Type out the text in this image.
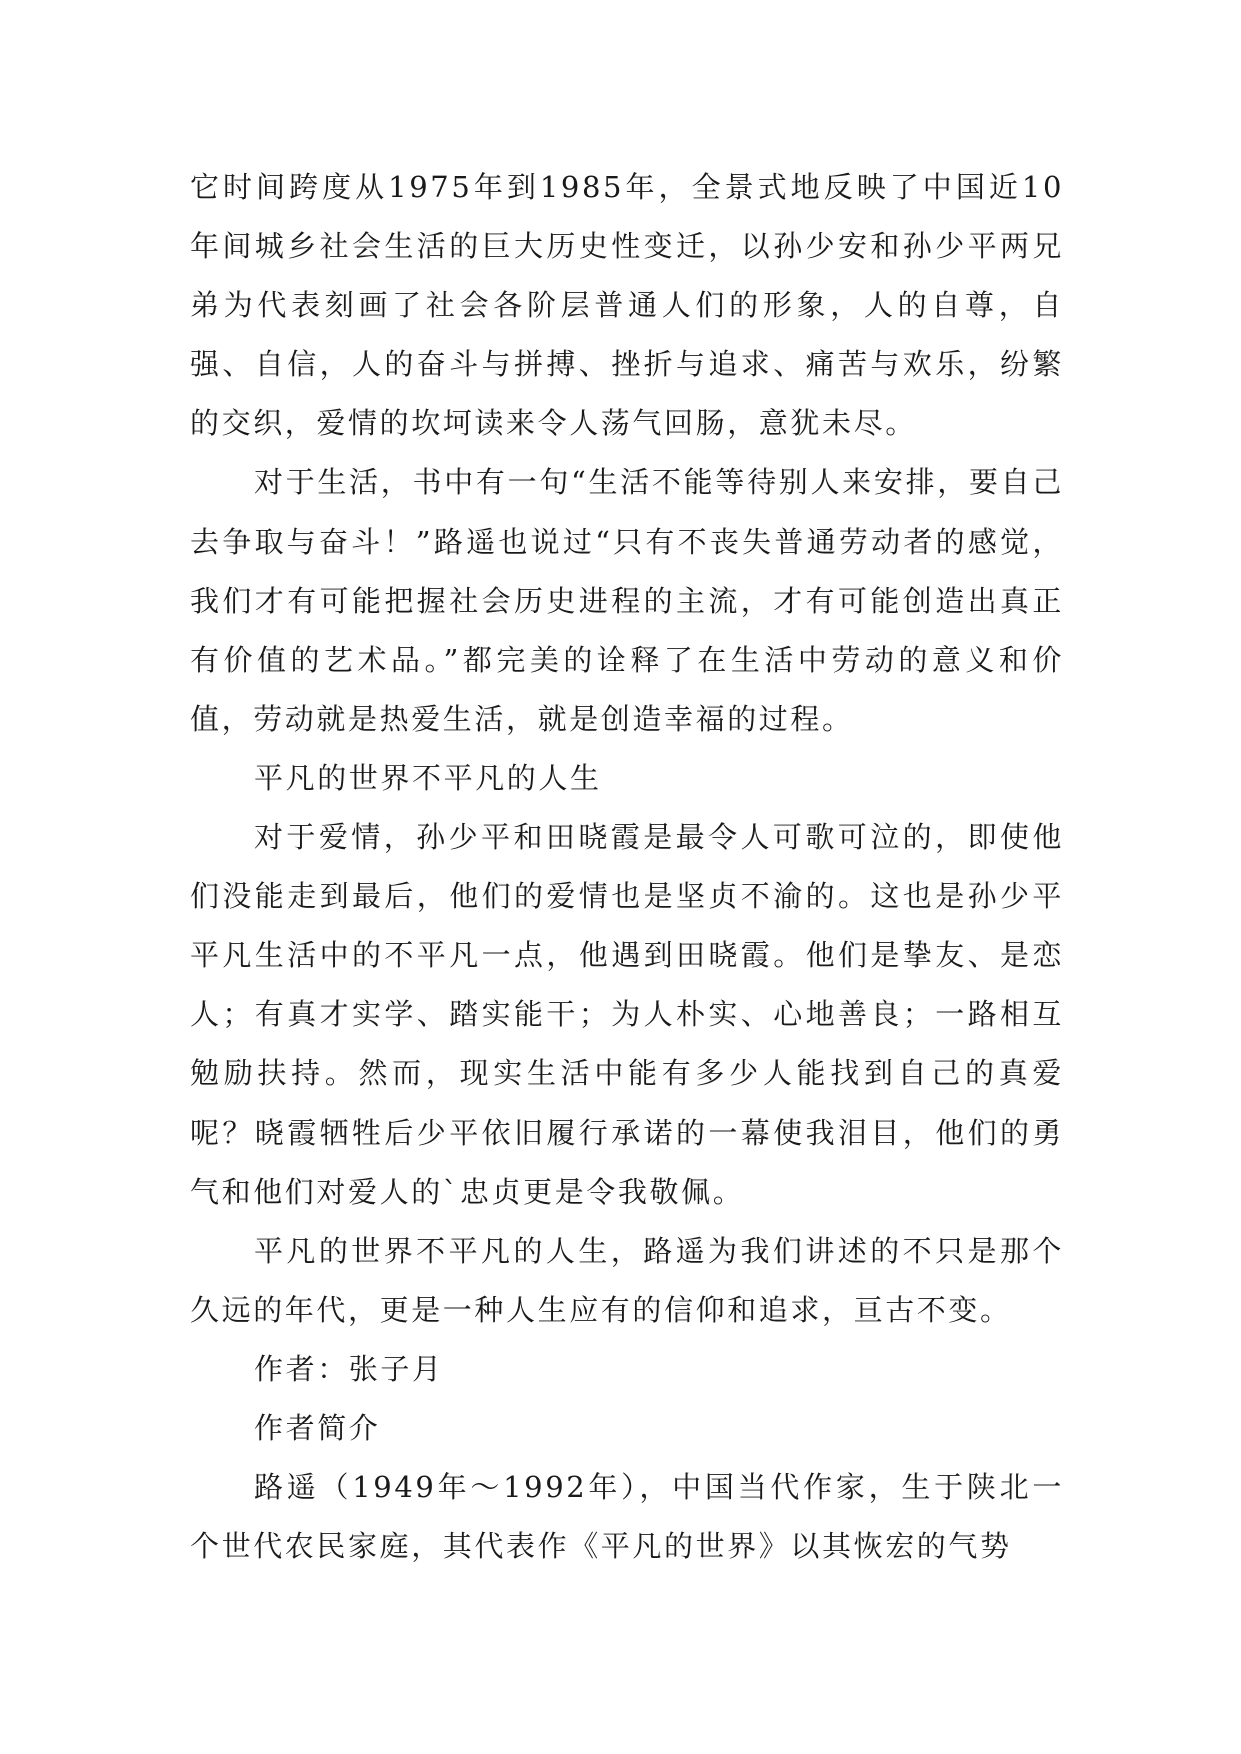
它时间跨度从1975年到1985年，全景式地反映了中国近10年间城乡社会生活的巨大历史性变迁，以孙少安和孙少平两兄弟为代表刻画了社会各阶层普通人们的形象，人的自尊，自强、自信，人的奋斗与拼搏、挫折与追求、痛苦与欢乐，纷繁的交织，爱情的坎坷读来令人荡气回肠，意犹未尽。

对于生活，书中有一句“生活不能等待别人来安排，要自己去争取与奋斗！”路遥也说过“只有不丧失普通劳动者的感觉，我们才有可能把握社会历史进程的主流，才有可能创造出真正有价值的艺术品。”都完美的诠释了在生活中劳动的意义和价值，劳动就是热爱生活，就是创造幸福的过程。

平凡的世界不平凡的人生

对于爱情，孙少平和田晓霞是最令人可歌可泣的，即使他们没能走到最后，他们的爱情也是坚贞不渝的。这也是孙少平平凡生活中的不平凡一点，他遇到田晓霞。他们是挚友、是恋人；有真才实学、踏实能干；为人朴实、心地善良；一路相互勉励扶持。然而，现实生活中能有多少人能找到自己的真爱呢？晓霞牺牲后少平依旧履行承诺的一幕使我泪目，他们的勇气和他们对爱人的`忠贞更是令我敬佩。

平凡的世界不平凡的人生，路遥为我们讲述的不只是那个久远的年代，更是一种人生应有的信仰和追求，亘古不变。

作者：张子月

作者简介

路遥（1949年～1992年），中国当代作家，生于陕北一个世代农民家庭，其代表作《平凡的世界》以其恢宏的气势
